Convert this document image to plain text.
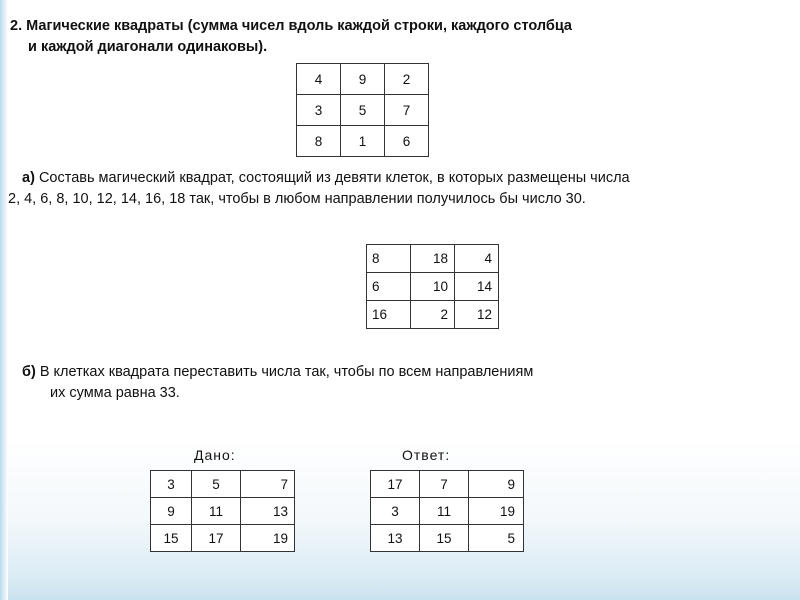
2. Магические квадраты (сумма чисел вдоль каждой строки, каждого столбца
и каждой диагонали одинаковы).
4	9	2
3	5	7
8	1	6
а) Составь магический квадрат, состоящий из девяти клеток, в которых размещены числа
2, 4, 6, 8, 10, 12, 14, 16, 18 так, чтобы в любом направлении получилось бы число 30.
8	18	4
6	10	14
16	2	12
б) В клетках квадрата переставить числа так, чтобы по всем направлениям
их сумма равна 33.
Дано:
3	5	7
9	11	13
15	17	19
Ответ:
17	7	9
3	11	19
13	15	5
